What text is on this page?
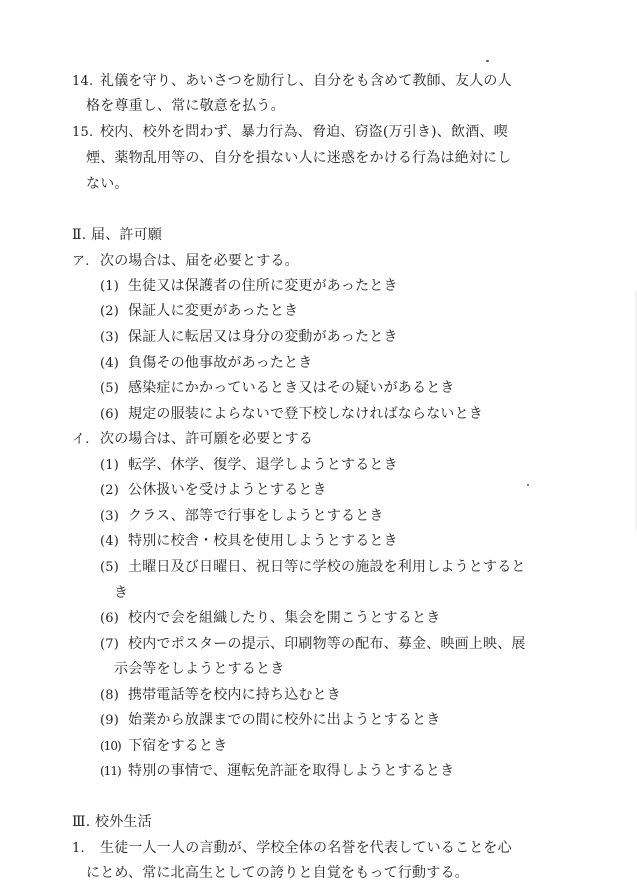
14. 礼儀を守り、あいさつを励行し、自分をも含めて教師、友人の人
格を尊重し、常に敬意を払う。
15. 校内、校外を問わず、暴力行為、脅迫、窃盗(万引き)、飲酒、喫
煙、薬物乱用等の、自分を損ない人に迷惑をかける行為は絶対にし
ない。
Ⅱ. 届、許可願
ア. 次の場合は、届を必要とする。
(1) 生徒又は保護者の住所に変更があったとき
(2) 保証人に変更があったとき
(3) 保証人に転居又は身分の変動があったとき
(4) 負傷その他事故があったとき
(5) 感染症にかかっているとき又はその疑いがあるとき
(6) 規定の服装によらないで登下校しなければならないとき
イ. 次の場合は、許可願を必要とする
(1) 転学、休学、復学、退学しようとするとき
(2) 公休扱いを受けようとするとき
(3) クラス、部等で行事をしようとするとき
(4) 特別に校舎・校具を使用しようとするとき
(5) 土曜日及び日曜日、祝日等に学校の施設を利用しようとすると
き
(6) 校内で会を組織したり、集会を開こうとするとき
(7) 校内でポスターの提示、印刷物等の配布、募金、映画上映、展
示会等をしようとするとき
(8) 携帯電話等を校内に持ち込むとき
(9) 始業から放課までの間に校外に出ようとするとき
(10) 下宿をするとき
(11) 特別の事情で、運転免許証を取得しようとするとき
Ⅲ. 校外生活
1. 生徒一人一人の言動が、学校全体の名誉を代表していることを心
にとめ、常に北高生としての誇りと自覚をもって行動する。
